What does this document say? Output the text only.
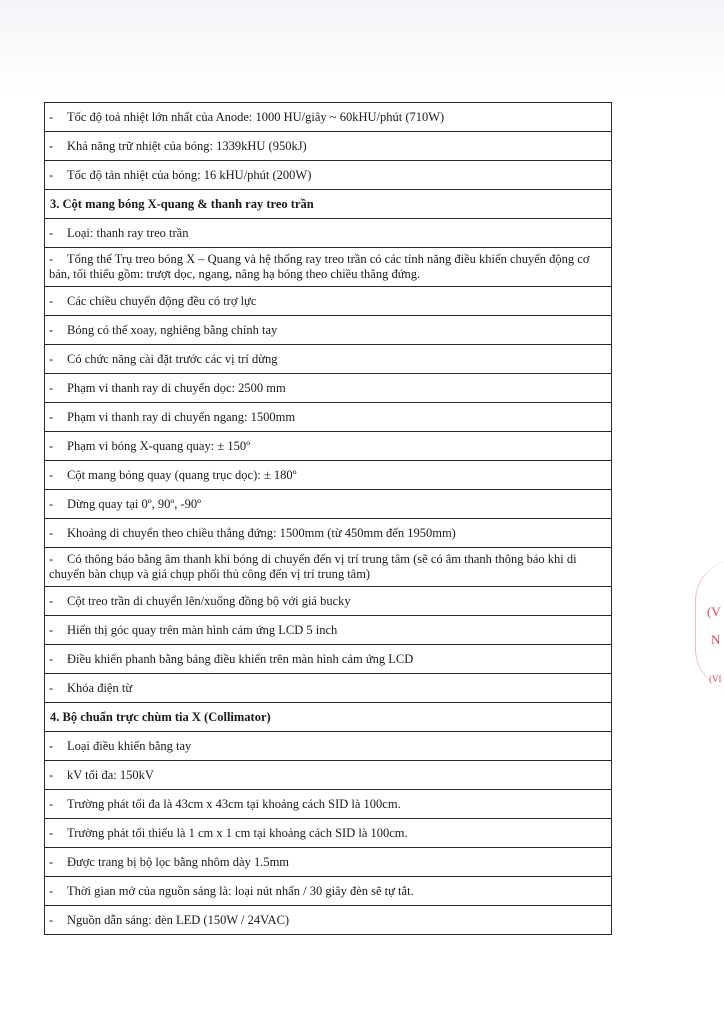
- Tốc độ toả nhiệt lớn nhất của Anode: 1000 HU/giây ~ 60kHU/phút (710W)
- Khả năng trữ nhiệt của bóng: 1339kHU (950kJ)
- Tốc độ tản nhiệt của bóng: 16 kHU/phút (200W)
3. Cột mang bóng X-quang & thanh ray treo trần
- Loại: thanh ray treo trần
- Tổng thể Trụ treo bóng X – Quang và hệ thống ray treo trần có các tính năng điều khiển chuyển động cơ bản, tối thiểu gồm: trượt dọc, ngang, nâng hạ bóng theo chiều thẳng đứng.
- Các chiều chuyển động đều có trợ lực
- Bóng có thể xoay, nghiêng bằng chính tay
- Có chức năng cài đặt trước các vị trí dừng
- Phạm vi thanh ray di chuyển dọc: 2500 mm
- Phạm vi thanh ray di chuyển ngang: 1500mm
- Phạm vi bóng X-quang quay: ± 150º
- Cột mang bóng quay (quang trục dọc): ± 180º
- Dừng quay tại 0º, 90º, -90º
- Khoảng di chuyển theo chiều thẳng đứng: 1500mm (từ 450mm đến 1950mm)
- Có thông báo bằng âm thanh khi bóng di chuyển đến vị trí trung tâm (sẽ có âm thanh thông báo khi di chuyển bàn chụp và giá chụp phổi thủ công đến vị trí trung tâm)
- Cột treo trần di chuyển lên/xuống đồng bộ với giá bucky
- Hiển thị góc quay trên màn hình cảm ứng LCD 5 inch
- Điều khiển phanh bằng bảng điều khiển trên màn hình cảm ứng LCD
- Khóa điện từ
4. Bộ chuẩn trực chùm tia X (Collimator)
- Loại điều khiển bằng tay
- kV tối đa: 150kV
- Trường phát tối đa là 43cm x 43cm tại khoảng cách SID là 100cm.
- Trường phát tối thiểu là 1 cm x 1 cm tại khoảng cách SID là 100cm.
- Được trang bị bộ lọc bằng nhôm dày 1.5mm
- Thời gian mở của nguồn sáng là: loại nút nhấn / 30 giây đèn sẽ tự tắt.
- Nguồn dẫn sáng: đèn LED (150W / 24VAC)
(V
N
(VI
